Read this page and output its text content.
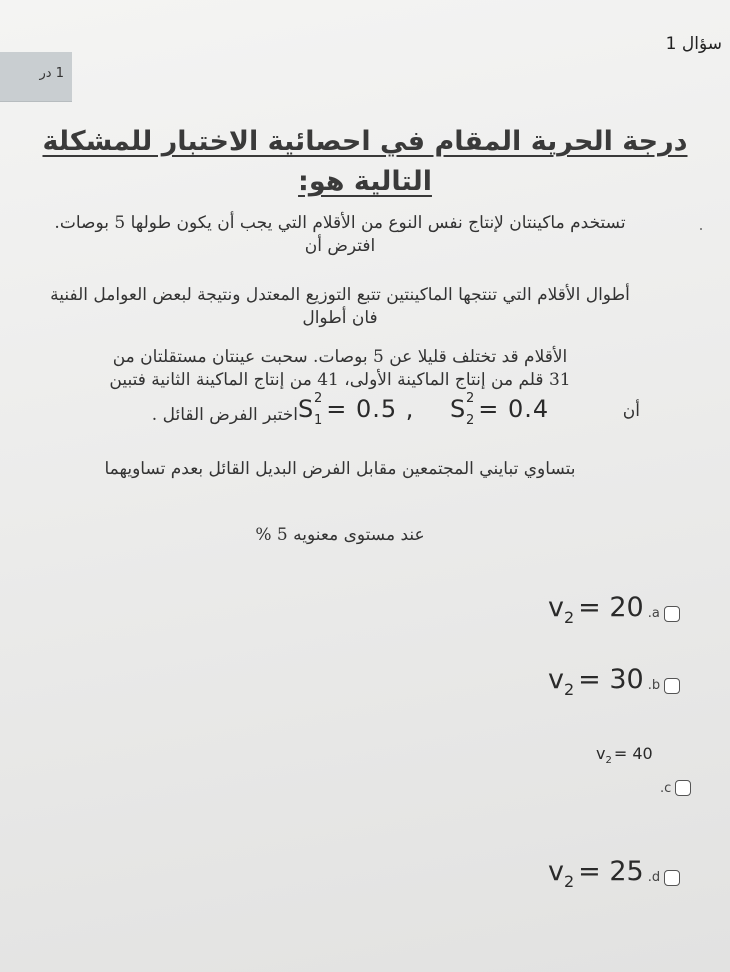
سؤال 1
1 در
درجة الحرية المقام في احصائية الاختبار للمشكلة التالية هو:
تستخدم ماكينتان لإنتاج نفس النوع من الأقلام التي يجب أن يكون طولها 5 بوصات. افترض أن
أطوال الأقلام التي تنتجها الماكينتين تتبع التوزيع المعتدل ونتيجة لبعض العوامل الفنية فان أطوال
الأقلام قد تختلف قليلا عن 5 بوصات. سحبت عينتان مستقلتان من
31 قلم من إنتاج الماكينة الأولى، 41 من إنتاج الماكينة الثانية فتبين
أن
S 2
2 = 0.4
S 2
1 = 0.5 ,
اختبر الفرض القائل .
بتساوي تبايني المجتمعين مقابل الفرض البديل القائل بعدم تساويهما
عند مستوى معنويه 5 %
$v_2 = 20$ .a
$v_2 = 30$ .b
$v_2 = 40$
.c
$v_2 = 25$ .d
